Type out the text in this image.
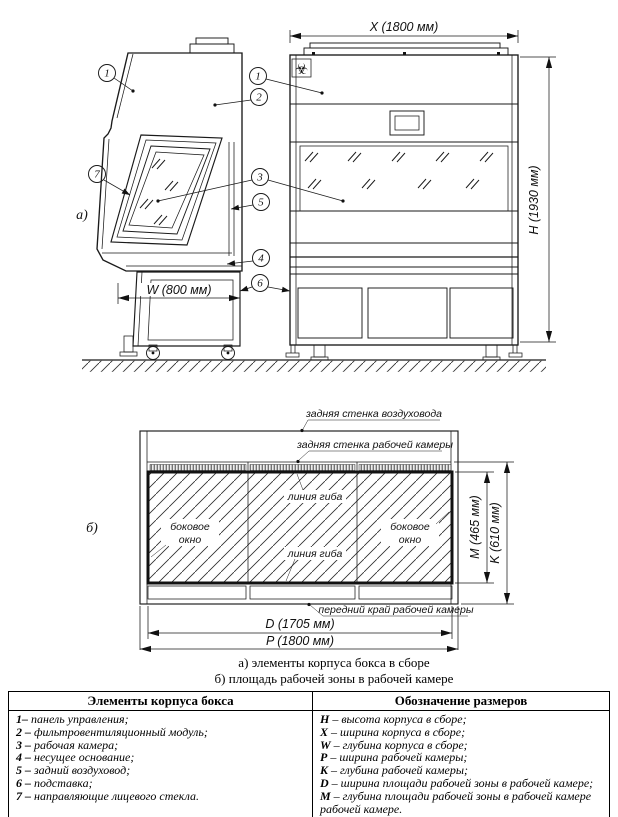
W (800 мм)
а)
☣
X (1800 мм)
H (1930 мм)
1
7
1
2
3
5
4
6
задняя стенка воздуховода
задняя стенка рабочей камеры
линия гиба
линия гиба
боковое
окно
боковое
окно
передний край рабочей камеры
D (1705 мм)
P (1800 мм)
M (465 мм) K (610 мм)
б)
а) элементы корпуса бокса в сборе
б) площадь рабочей зоны в рабочей камере
Элементы корпуса бокса	Обозначение размеров

1– панель управления;
2 – фильтровентиляционный модуль;
3 – рабочая камера;
4 – несущее основание;
5 – задний воздуховод;
6 – подставка;
7 – направляющие лицевого стекла.

H – высота корпуса в сборе;
X – ширина корпуса в сборе;
W – глубина корпуса в сборе;
P – ширина рабочей камеры;
K – глубина рабочей камеры;
D – ширина площади рабочей зоны в рабочей камере;
M – глубина площади рабочей зоны в рабочей камере рабочей камере.
